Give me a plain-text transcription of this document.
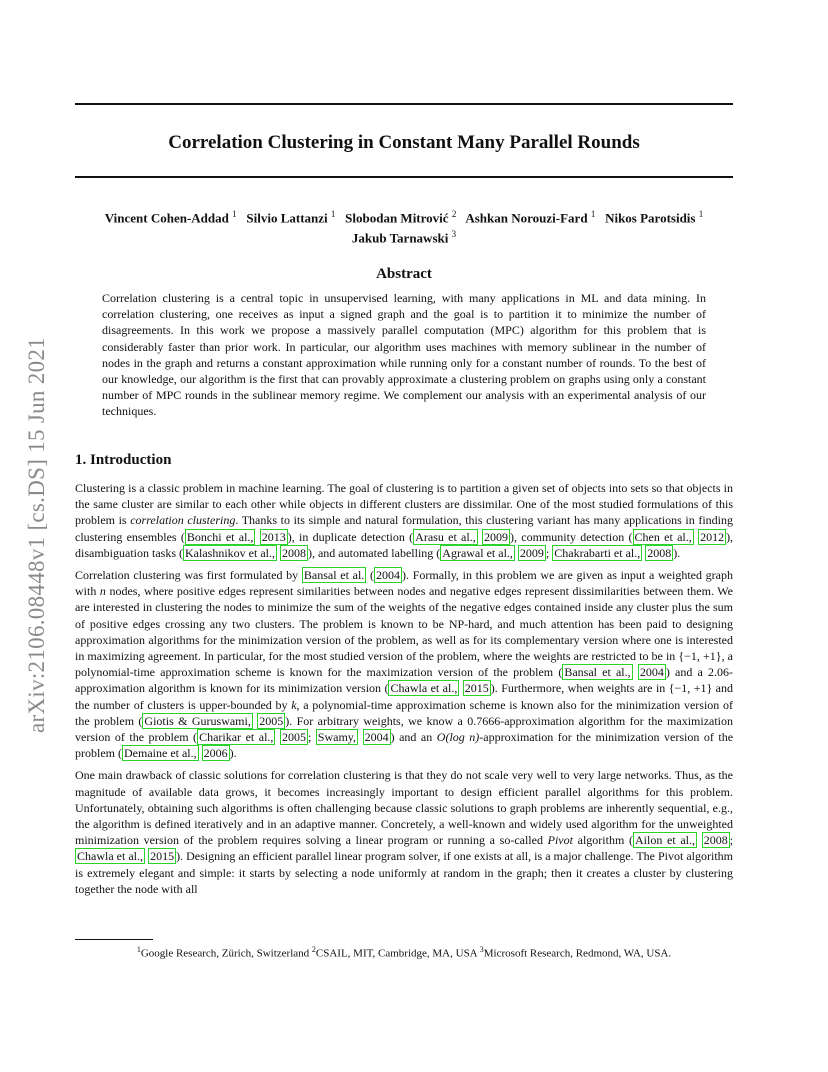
arXiv:2106.08448v1 [cs.DS] 15 Jun 2021
Correlation Clustering in Constant Many Parallel Rounds
Vincent Cohen-Addad $^1$ Silvio Lattanzi $^1$ Slobodan Mitrović $^2$ Ashkan Norouzi-Fard $^1$ Nikos Parotsidis $^1$
Jakub Tarnawski $^3$
Abstract
Correlation clustering is a central topic in unsupervised learning, with many applications in ML and data mining. In correlation clustering, one receives as input a signed graph and the goal is to partition it to minimize the number of disagreements. In this work we propose a massively parallel computation (MPC) algorithm for this problem that is considerably faster than prior work. In particular, our algorithm uses machines with memory sublinear in the number of nodes in the graph and returns a constant approximation while running only for a constant number of rounds. To the best of our knowledge, our algorithm is the first that can provably approximate a clustering problem on graphs using only a constant number of MPC rounds in the sublinear memory regime. We complement our analysis with an experimental analysis of our techniques.
1. Introduction

Clustering is a classic problem in machine learning. The goal of clustering is to partition a given set of objects into sets so that objects in the same cluster are similar to each other while objects in different clusters are dissimilar. One of the most studied formulations of this problem is correlation clustering. Thanks to its simple and natural formulation, this clustering variant has many applications in finding clustering ensembles ( Bonchi et al., 2013 ), in duplicate detection ( Arasu et al., 2009 ), community detection ( Chen et al., 2012 ), disambiguation tasks ( Kalashnikov et al., 2008 ), and automated labelling ( Agrawal et al., 2009 ; Chakrabarti et al., 2008 ).

Correlation clustering was first formulated by Bansal et al. ( 2004 ). Formally, in this problem we are given as input a weighted graph with n nodes, where positive edges represent similarities between nodes and negative edges represent dissimilarities between them. We are interested in clustering the nodes to minimize the sum of the weights of the negative edges contained inside any cluster plus the sum of positive edges crossing any two clusters. The problem is known to be NP-hard, and much attention has been paid to designing approximation algorithms for the minimization version of the problem, as well as for its complementary version where one is interested in maximizing agreement. In particular, for the most studied version of the problem, where the weights are restricted to be in {−1, +1}, a polynomial-time approximation scheme is known for the maximization version of the problem ( Bansal et al., 2004 ) and a 2.06-approximation algorithm is known for its minimization version ( Chawla et al., 2015 ). Furthermore, when weights are in {−1, +1} and the number of clusters is upper-bounded by k, a polynomial-time approximation scheme is known also for the minimization version of the problem ( Giotis & Guruswami, 2005 ). For arbitrary weights, we know a 0.7666-approximation algorithm for the maximization version of the problem ( Charikar et al., 2005 ; Swamy, 2004 ) and an O(log n)-approximation for the minimization version of the problem ( Demaine et al., 2006 ).

One main drawback of classic solutions for correlation clustering is that they do not scale very well to very large networks. Thus, as the magnitude of available data grows, it becomes increasingly important to design efficient parallel algorithms for this problem. Unfortunately, obtaining such algorithms is often challenging because classic solutions to graph problems are inherently sequential, e.g., the algorithm is defined iteratively and in an adaptive manner. Concretely, a well-known and widely used algorithm for the unweighted minimization version of the problem requires solving a linear program or running a so-called Pivot algorithm ( Ailon et al., 2008 ; Chawla et al., 2015 ). Designing an efficient parallel linear program solver, if one exists at all, is a major challenge. The Pivot algorithm is extremely elegant and simple: it starts by selecting a node uniformly at random in the graph; then it creates a cluster by clustering together the node with all

$^1$Google Research, Zürich, Switzerland $^2$CSAIL, MIT, Cambridge, MA, USA $^3$Microsoft Research, Redmond, WA, USA.
